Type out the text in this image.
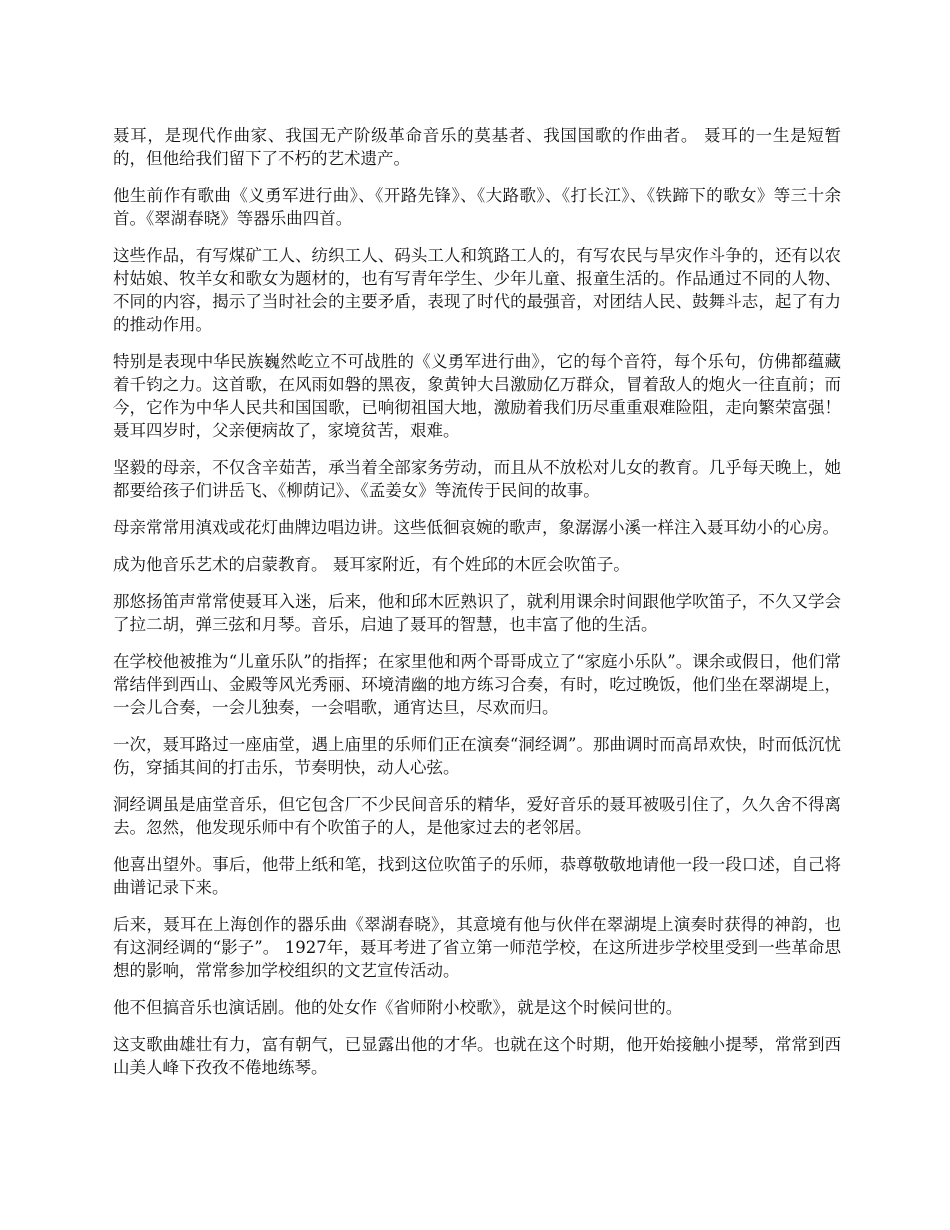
聂耳，是现代作曲家、我国无产阶级革命音乐的莫基者、我国国歌的作曲者。 聂耳的一生是短暂的，但他给我们留下了不朽的艺术遗产。

他生前作有歌曲《义勇军进行曲》、《开路先锋》、《大路歌》、《打长江》、《铁蹄下的歌女》等三十余首。《翠湖春晓》等器乐曲四首。

这些作品，有写煤矿工人、纺织工人、码头工人和筑路工人的，有写农民与旱灾作斗争的，还有以农村姑娘、牧羊女和歌女为题材的，也有写青年学生、少年儿童、报童生活的。作品通过不同的人物、不同的内容，揭示了当时社会的主要矛盾，表现了时代的最强音，对团结人民、鼓舞斗志，起了有力的推动作用。

特别是表现中华民族巍然屹立不可战胜的《义勇军进行曲》，它的每个音符，每个乐句，仿佛都蕴藏着千钧之力。这首歌，在风雨如磐的黑夜，象黄钟大吕激励亿万群众，冒着敌人的炮火一往直前；而今，它作为中华人民共和国国歌，已响彻祖国大地，激励着我们历尽重重艰难险阻，走向繁荣富强！ 聂耳四岁时，父亲便病故了，家境贫苦，艰难。

坚毅的母亲，不仅含辛茹苦，承当着全部家务劳动，而且从不放松对儿女的教育。几乎每天晚上，她都要给孩子们讲岳飞、《柳荫记》、《孟姜女》等流传于民间的故事。

母亲常常用滇戏或花灯曲牌边唱边讲。这些低徊哀婉的歌声，象潺潺小溪一样注入聂耳幼小的心房。

成为他音乐艺术的启蒙教育。 聂耳家附近，有个姓邱的木匠会吹笛子。

那悠扬笛声常常使聂耳入迷，后来，他和邱木匠熟识了，就利用课余时间跟他学吹笛子，不久又学会了拉二胡，弹三弦和月琴。音乐，启迪了聂耳的智慧，也丰富了他的生活。

在学校他被推为“儿童乐队”的指挥；在家里他和两个哥哥成立了“家庭小乐队”。课余或假日，他们常常结伴到西山、金殿等风光秀丽、环境清幽的地方练习合奏，有时，吃过晚饭，他们坐在翠湖堤上，一会儿合奏，一会儿独奏，一会唱歌，通宵达旦，尽欢而归。

一次，聂耳路过一座庙堂，遇上庙里的乐师们正在演奏“洞经调”。那曲调时而高昂欢快，时而低沉忧伤，穿插其间的打击乐，节奏明快，动人心弦。

洞经调虽是庙堂音乐，但它包含厂不少民间音乐的精华，爱好音乐的聂耳被吸引住了，久久舍不得离去。忽然，他发现乐师中有个吹笛子的人，是他家过去的老邻居。

他喜出望外。事后，他带上纸和笔，找到这位吹笛子的乐师，恭尊敬敬地请他一段一段口述，自己将曲谱记录下来。

后来，聂耳在上海创作的器乐曲《翠湖春晓》，其意境有他与伙伴在翠湖堤上演奏时获得的神韵，也有这洞经调的“影子”。 1927年，聂耳考进了省立第一师范学校，在这所进步学校里受到一些革命思想的影响，常常参加学校组织的文艺宣传活动。

他不但搞音乐也演话剧。他的处女作《省师附小校歌》，就是这个时候问世的。

这支歌曲雄壮有力，富有朝气，已显露出他的才华。也就在这个时期，他开始接触小提琴，常常到西山美人峰下孜孜不倦地练琴。
